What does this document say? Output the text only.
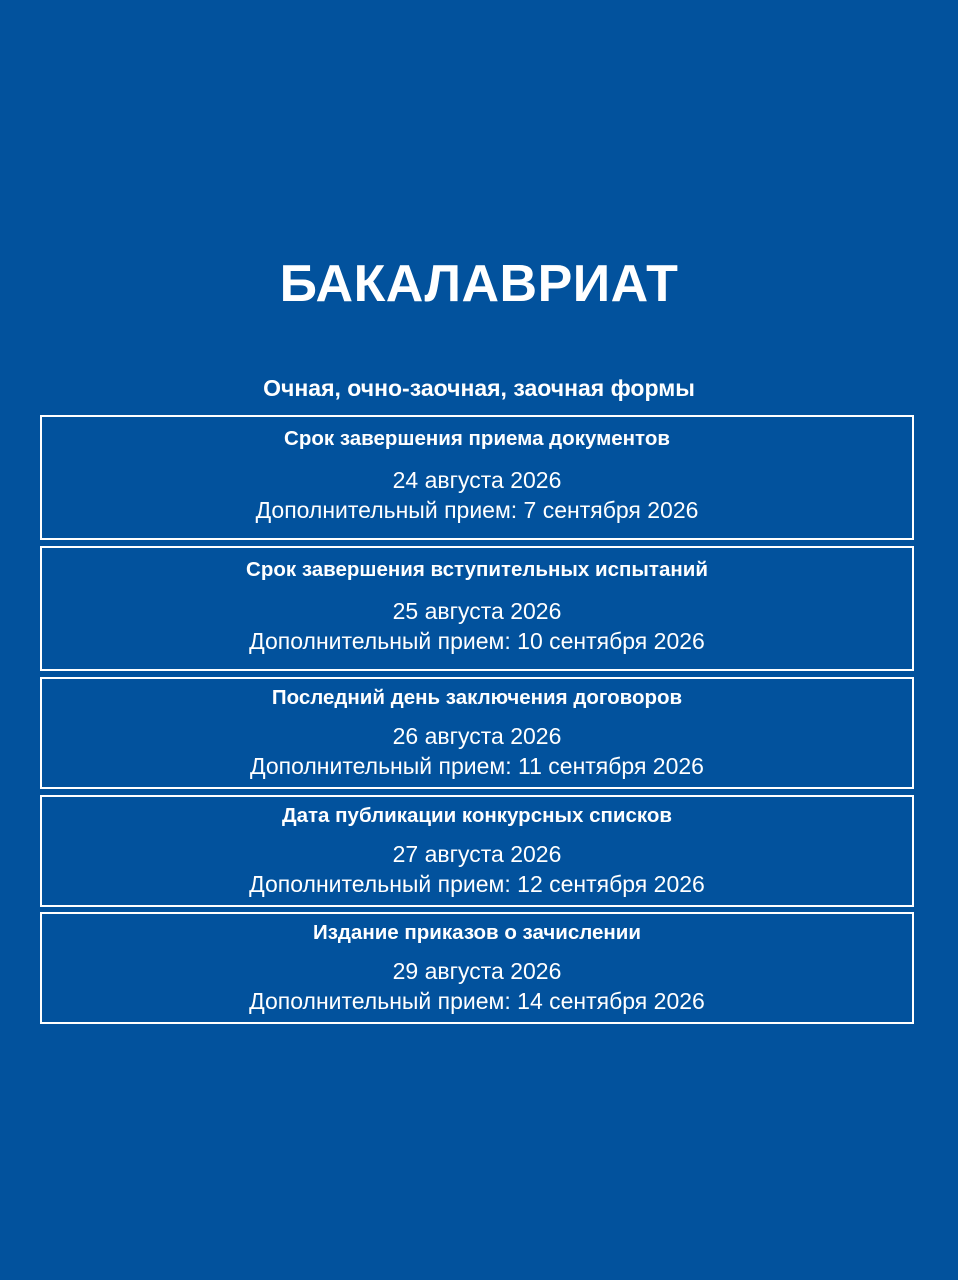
БАКАЛАВРИАТ
Очная, очно-заочная, заочная формы
Срок завершения приема документов
24 августа 2026
Дополнительный прием: 7 сентября 2026
Срок завершения вступительных испытаний
25 августа 2026
Дополнительный прием: 10 сентября 2026
Последний день заключения договоров
26 августа 2026
Дополнительный прием: 11 сентября 2026
Дата публикации конкурсных списков
27 августа 2026
Дополнительный прием: 12 сентября 2026
Издание приказов о зачислении
29 августа 2026
Дополнительный прием: 14 сентября 2026
